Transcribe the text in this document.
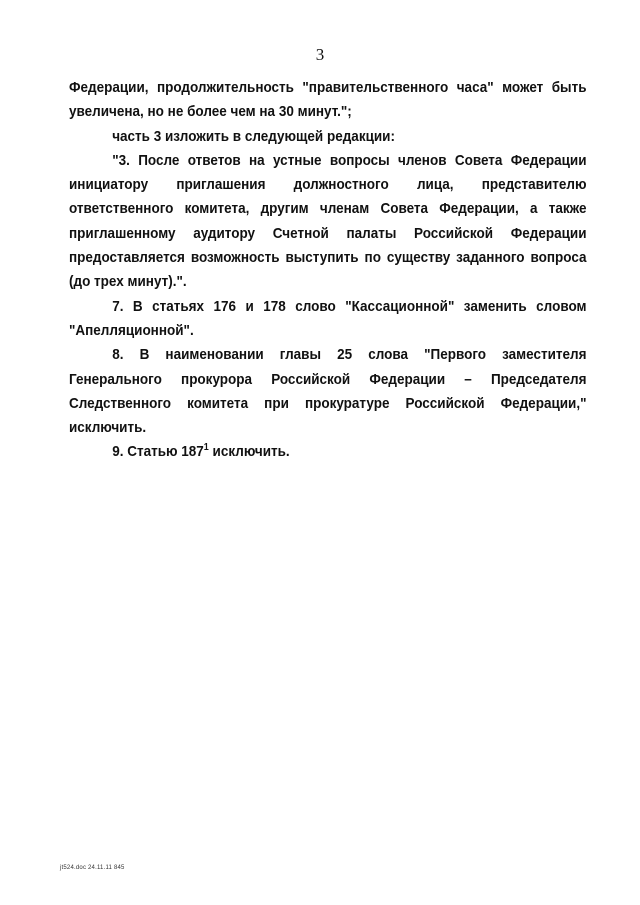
3

Федерации, продолжительность "правительственного часа" может быть увеличена, но не более чем на 30 минут.";

часть 3 изложить в следующей редакции:

"3. После ответов на устные вопросы членов Совета Федерации инициатору приглашения должностного лица, представителю ответственного комитета, другим членам Совета Федерации, а также приглашенному аудитору Счетной палаты Российской Федерации предоставляется возможность выступить по существу заданного вопроса (до трех минут).".

7. В статьях 176 и 178 слово "Кассационной" заменить словом "Апелляционной".

8. В наименовании главы 25 слова "Первого заместителя Генерального прокурора Российской Федерации – Председателя Следственного комитета при прокуратуре Российской Федерации," исключить.

9. Статью $187^1$ исключить.

jt524.doc 24.11.11 845
